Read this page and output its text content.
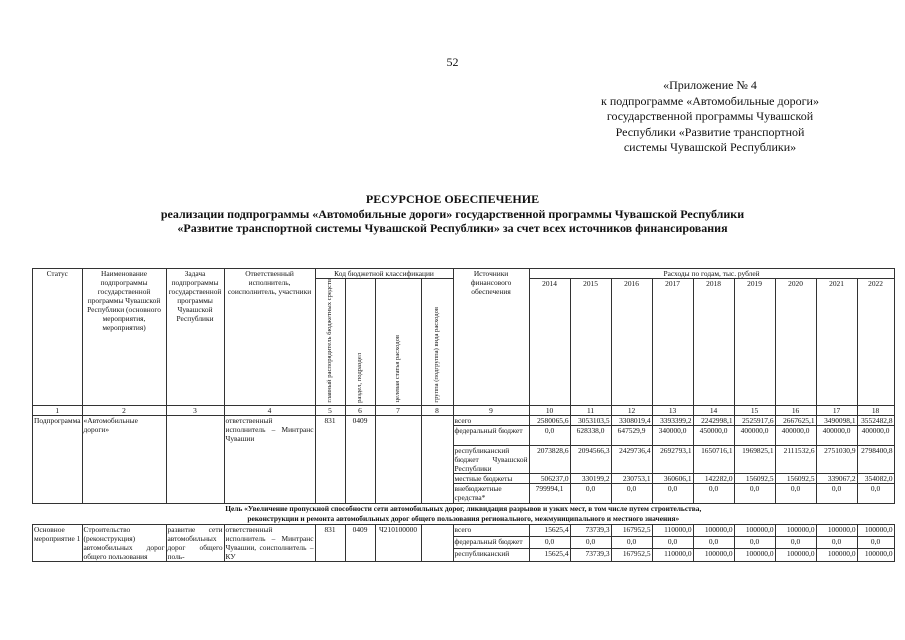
52
«Приложение № 4
к подпрограмме «Автомобильные дороги»
государственной программы Чувашской
Республики «Развитие транспортной
системы Чувашской Республики»
РЕСУРСНОЕ ОБЕСПЕЧЕНИЕ
реализации подпрограммы «Автомобильные дороги» государственной программы Чувашской Республики
«Развитие транспортной системы Чувашской Республики» за счет всех источников финансирования
Статус	Наименование подпрограммы государственной программы Чувашской Республики (основного мероприятия, мероприятия)	Задача подпрограммы государственной программы Чувашской Республики	Ответственный исполнитель, соисполнитель, участники	Код бюджетной классификации				Источники финансового обеспечения	Расходы по годам, тыс. рублей								
				главный распорядитель бюджетных средств	раздел, подраздел	целевая статья расходов	группа (подгруппа) вида расходов		2014	2015	2016	2017	2018	2019	2020	2021	2022
1	2	3	4	5	6	7	8	9	10	11	12	13	14	15	16	17	18
Подпрограмма	«Автомобильные дороги»		ответственный исполнитель – Минтранс Чувашии	831	0409			всего	2580065,6	3053103,5	3308019,4	3393399,2	2242998,1	2525917,6	2667625,1	3490098,1	3552482,8
								федеральный бюджет	0,0	628338,0	647529,9	340000,0	450000,0	400000,0	400000,0	400000,0	400000,0
								республиканский бюджет Чувашской Республики	2073828,6	2094566,3	2429736,4	2692793,1	1650716,1	1969825,1	2111532,6	2751030,9	2798400,8
								местные бюджеты	506237,0	330199,2	230753,1	360606,1	142282,0	156092,5	156092,5	339067,2	354082,0
								внебюджетные средства*	799994,1	0,0	0,0	0,0	0,0	0,0	0,0	0,0	0,0

Цель «Увеличение пропускной способности сети автомобильных дорог, ликвидация разрывов и узких мест, в том числе путем строительства,
реконструкции и ремонта автомобильных дорог общего пользования регионального, межмуниципального и местного значения»																	

Основное мероприятие 1	Строительство (реконструкция) автомобильных дорог общего пользования	развитие сети автомобильных дорог общего поль-	ответственный исполнитель – Минтранс Чувашии, соисполнитель – КУ	831	0409	Ч210100000		всего	15625,4	73739,3	167952,5	110000,0	100000,0	100000,0	100000,0	100000,0	100000,0
								федеральный бюджет	0,0	0,0	0,0	0,0	0,0	0,0	0,0	0,0	0,0
								республиканский	15625,4	73739,3	167952,5	110000,0	100000,0	100000,0	100000,0	100000,0	100000,0
